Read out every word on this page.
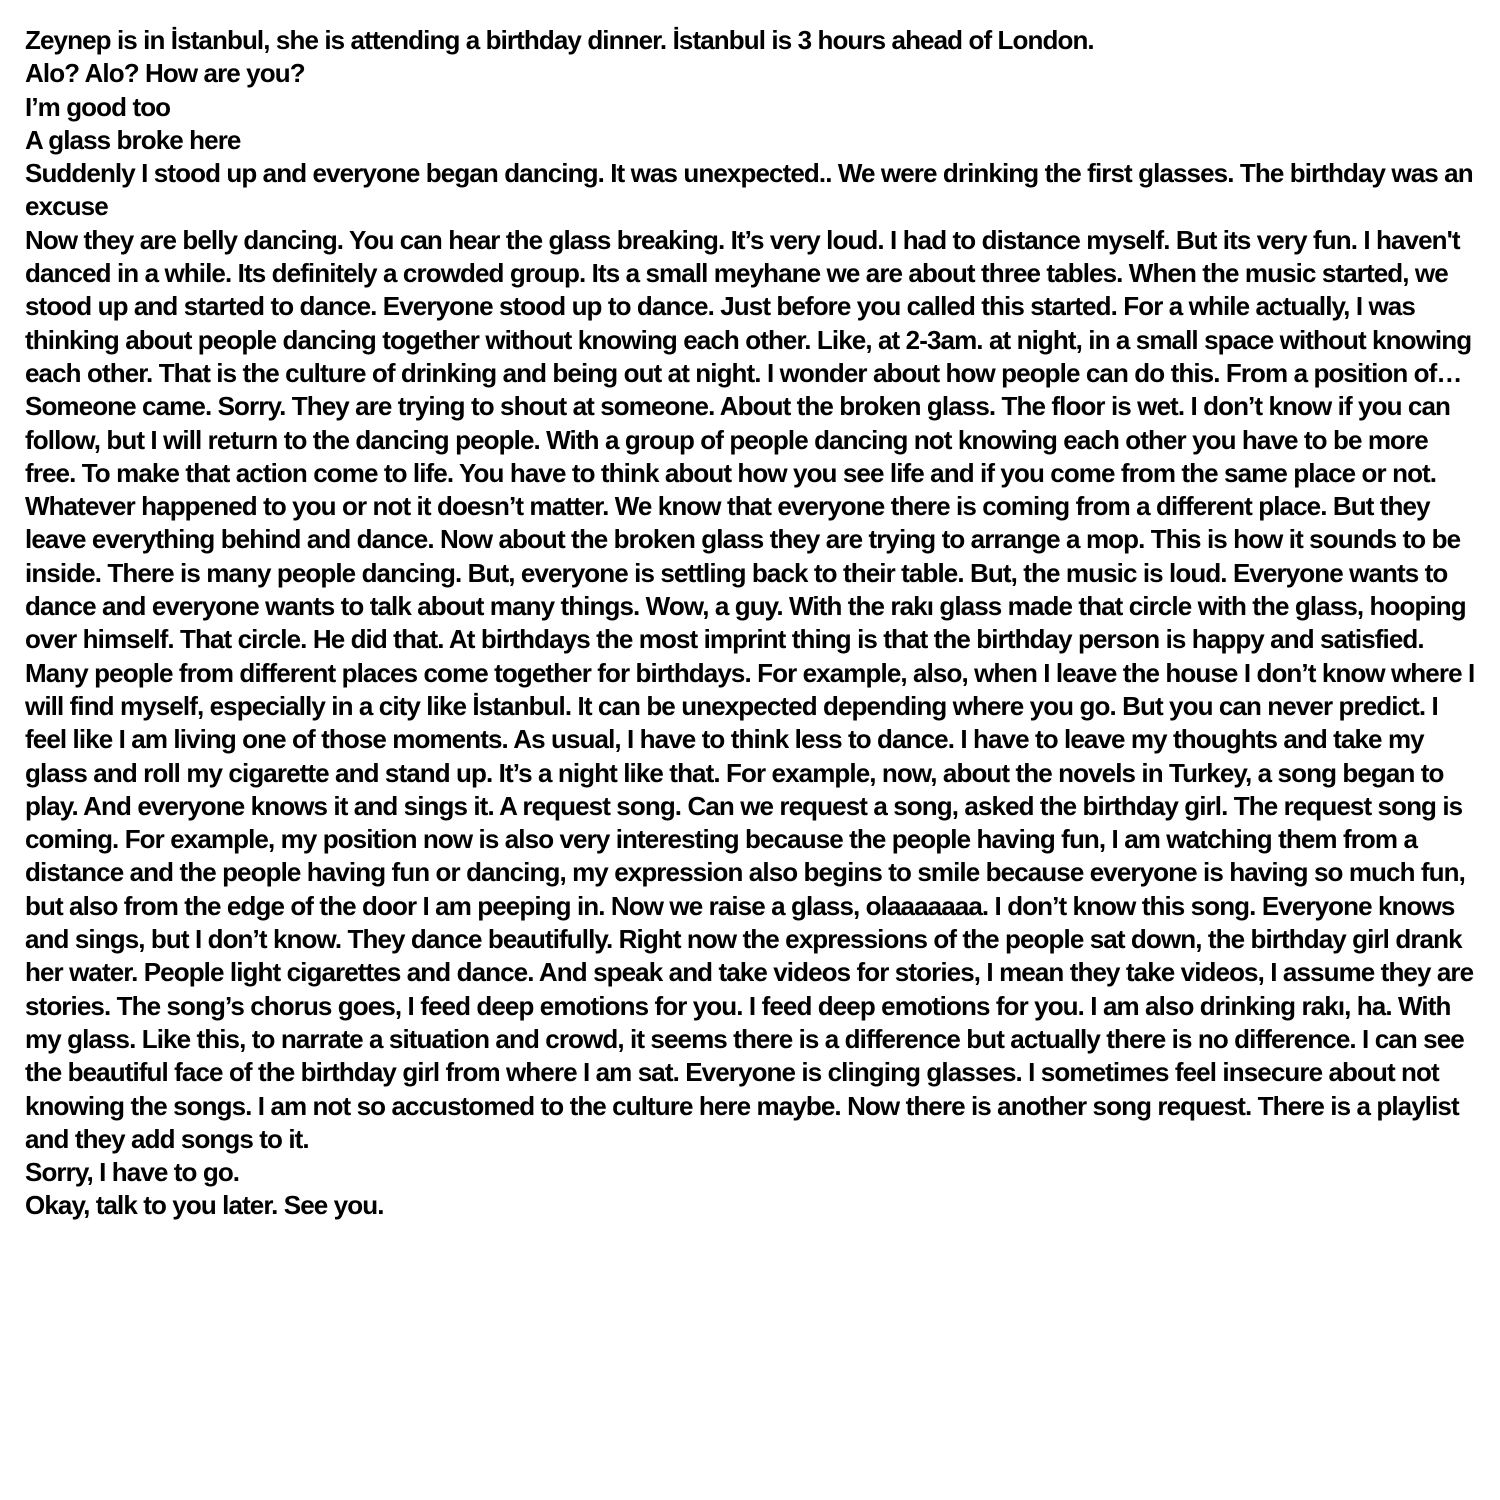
Zeynep is in İstanbul, she is attending a birthday dinner. İstanbul is 3 hours ahead of London.

Alo? Alo? How are you?

I’m good too

A glass broke here

Suddenly I stood up and everyone began dancing. It was unexpected.. We were drinking the first glasses. The birthday was an excuse

Now they are belly dancing. You can hear the glass breaking. It’s very loud. I had to distance myself. But its very fun. I haven't danced in a while. Its definitely a crowded group. Its a small meyhane we are about three tables. When the music started, we stood up and started to dance. Everyone stood up to dance. Just before you called this started. For a while actually, I was thinking about people dancing together without knowing each other. Like, at 2-3am. at night, in a small space without knowing each other. That is the culture of drinking and being out at night. I wonder about how people can do this. From a position of… Someone came. Sorry. They are trying to shout at someone. About the broken glass. The floor is wet. I don’t know if you can follow, but I will return to the dancing people. With a group of people dancing not knowing each other you have to be more free. To make that action come to life. You have to think about how you see life and if you come from the same place or not. Whatever happened to you or not it doesn’t matter. We know that everyone there is coming from a different place. But they leave everything behind and dance. Now about the broken glass they are trying to arrange a mop. This is how it sounds to be inside. There is many people dancing. But, everyone is settling back to their table. But, the music is loud. Everyone wants to dance and everyone wants to talk about many things. Wow, a guy. With the rakı glass made that circle with the glass, hooping over himself. That circle. He did that. At birthdays the most imprint thing is that the birthday person is happy and satisfied. Many people from different places come together for birthdays. For example, also, when I leave the house I don’t know where I will find myself, especially in a city like İstanbul. It can be unexpected depending where you go. But you can never predict. I feel like I am living one of those moments. As usual, I have to think less to dance. I have to leave my thoughts and take my glass and roll my cigarette and stand up. It’s a night like that. For example, now, about the novels in Turkey, a song began to play. And everyone knows it and sings it. A request song. Can we request a song, asked the birthday girl. The request song is coming. For example, my position now is also very interesting because the people having fun, I am watching them from a distance and the people having fun or dancing, my expression also begins to smile because everyone is having so much fun, but also from the edge of the door I am peeping in. Now we raise a glass, olaaaaaaa. I don’t know this song. Everyone knows and sings, but I don’t know. They dance beautifully. Right now the expressions of the people sat down, the birthday girl drank her water. People light cigarettes and dance. And speak and take videos for stories, I mean they take videos, I assume they are stories. The song’s chorus goes, I feed deep emotions for you. I feed deep emotions for you. I am also drinking rakı, ha. With my glass. Like this, to narrate a situation and crowd, it seems there is a difference but actually there is no difference. I can see the beautiful face of the birthday girl from where I am sat. Everyone is clinging glasses. I sometimes feel insecure about not knowing the songs. I am not so accustomed to the culture here maybe. Now there is another song request. There is a playlist and they add songs to it.

Sorry, I have to go.

Okay, talk to you later. See you.
